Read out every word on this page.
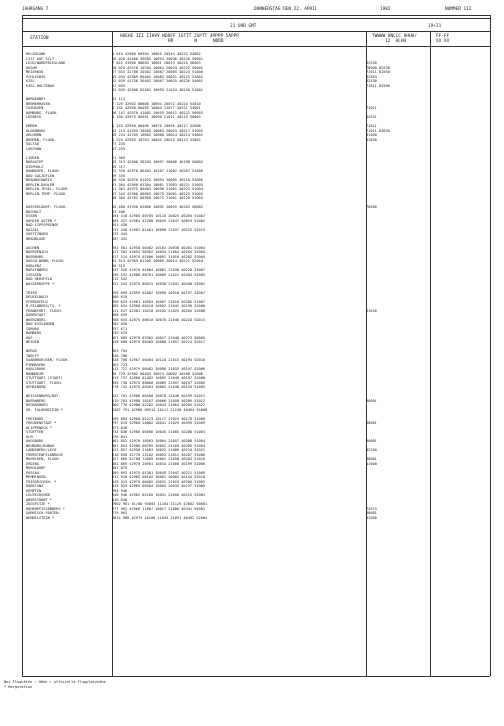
JAHRGANG 7	DONNERSTAG DEN 22. APRIL	1982	NUMMER 112
21 UHR GMT	19+21
STATION	HOEHE III IIHVV NDDFF 1STTT 2SPTT 4PPPP 5APPP
RR        N      NDDD
7WWWW 8NCCC HHHH/
12  HLHH
FF-FF
XX XX
HELGOLAND	4 015 42960 00304 10065 20544 40222 54002
LIST AUF SYLT	26 020 43460 30505 10054 20036 40220 56001
LECK/NORDFRIESLAND	7 022 41960 00603 10061 20014 40224 56003	82530
HUSUM	28 025 42970 10704 10064 20034 40222 56002	70500 82530
MEIERWIK	27 033 42760 20402 10087 20065 40224 51000	71011 81550
SCHLESWIG	43 034 42969 60402 10083 20031 40221 51002	82503
KIEL	12 039 41750 30402 10067 20025 40226 54002	82530
KIEL-HOLTENAU	17 045	71011 83500
31 045 42960 81502 10093 21034 40228 51001
NORDERNEY	11 113
BREMERHAVEN	7 129 42962 00606 10094 20072 40224 53010
CUXHAVEN	4 131 42950 00405 10084 21077 40221 53001	71011
HAMBURG, FLUGH.	16 147 42970 41002 10093 20011 40222 56003
LUEBECK	8 156 42975 00401 10090 21011 40219 50003	84531
EMDEN	6 253 42950 00406 10070 20056 40217 52008	71011
OLDENBURG	12 215 41955 30505 10083 20053 40217 51002	71011 83830
AHLHORN	49 224 42765 10603 10060 20014 40214 54001	81500
BREMEN, FLUGH.	3 224 42963 10703 10092 20015 40215 53002	81830
SOLTAU	77 235
LUECHOW	17 253
LINGEN	21 305
NORVATEP	43 313 42960 30203 10097 20006 40198 50002
DIEPHOLZ	45 317
HANNOVER, FLUGH.	72 320 42970 80403 10107 21002 40207 51006
BAD SALZUFLEN	99 335
BRAUNSCHWEIG	56 338 42970 01025 10094 20005 40218 52006
BERLIN-DAHLEM	81 364 42960 01304 10081 21003 40221 51005
BERLIN-TEGEL, FLUGH.	51 361 42975 00403 10090 21001 40223 51004
BERLIN-TEMP.-FLUGH.	37 342 42960 00605 10079 20001 40225 52005
50 384 42762 00908 10071 21001 40226 51003
DUESSELDORF, FLUGH.	45 400 41956 03006 10092 20025 40203 56002	70500
BOCHOLT	21 406
ESSEN	154 410 42965 00705 10116 20025 40204 51007
KAHLER ASTEN *	465 427 42964 01208 10045 21047 40019 51002
BAD LIPPSPRINGE	151 430
KASSEL	231 438 42981 01401 10090 21037 40215 52013
GOETTINGEN	175 444
BRAUNLAGE	607 452
AACHEN	202 501 42950 00402 10101 20038 40201 51004
NOERVENICH	117 502 43054 00302 10094 21004 40204 52003
NUERBURG	627 514 42970 01006 10091 21016 40202 52005
KOELN-BONN, FLUGH.	91 513 42969 01205 10069 20014 40221 52004
KOBLENZ	96 515
MARIENBERG	547 526 42970 01004 10061 21030 40220 53007
GIESSEN	196 532 42966 00701 10089 21021 40204 52005
BAD HERSFELD	212 542
WASSERKUPPE *	921 544 42975 00915 10030 21041 40490 52002
TRIER	265 609 42959 01002 10090 20910 40197 53007
DEUSELBACH	480 615
PFERDSFELD	396 625 42961 10503 10067 21016 40205 51007
M.FELDBERG/TS. *	805 634 42960 00410 10052 21041 40190 52006
FRANKFURT, FLUGH.	111 637 42301 10410 10102 21025 40204 52008	81030
DARMSTADT	108 639
WUERZBURG	268 655 42975 00610 10078 21046 40218 52013
BAD KISSINGEN	282 658
COBURG	337 671
BAMBERG	239 675
HOF	567 685 42970 03302 10017 21046 40223 50005
WEIDEN	438 688 42975 00405 10060 21057 40214 52017
BERUS	363 704
TWOLFY	346 706
SAARBRUECKEN, FLUGH.	328 708 42967 00404 10110 21015 40194 52010
PIRMASENS	163 723
KARLSRUHE	112 727 42975 00402 10090 21033 40197 52006
MANNHEIM	96 729 42982 00403 10074 20002 40200 52006
STUTTGART (STADT)	315 737 42960 01402 10092 21040 40197 52008
STUTTGART, FLUGH.	396 738 42975 00000 10069 21057 40197 52005
OEHRINGEN	276 742 42975 00403 10065 21048 40194 51005
WEISSENBURG/BAY.	422 761 42980 00400 10078 21046 40199 51011
NUERNBERG	319 763 42980 10107 10066 21058 40209 51012	80001
REGENSBURG	366 776 42980 02202 10043 21064 40205 51022
GR. FALKENSTEIN *	1307 791 42980 09512 10117 21130 40464 54008
FREIBURG	269 803 42960 01213 10117 21024 40178 51008
FREUDENSTADT *	797 815 42960 10002 10041 21029 46499 51009	80081
KLIPPENECK *	973 818
STOETTEN	734 836 42980 00506 10045 21085 40208 51003
ULM	570 841
AUGSBURG	462 852 42970 10503 10064 21057 40208 51004	80081
NEUBURG/DONAU	381 853 42980 00705 10052 21166 40205 51004
LANDSBERG/LECH	623 857 42950 21603 10032 21086 40210 51021	82330
FUERSTENFELDBRUCK	518 858 42770 12102 10053 21012 40207 51006
MUENCHEN, FLUGH.	527 866 42780 12005 10061 21050 40204 51010	80081
ERDING	462 869 42970 20501 10034 21060 40199 52006	81500
MUEHLDORF	401 875
PASSAU	409 893 42975 01301 10049 21047 40221 51009
MEMMINGEN	613 910 42965 00102 10061 20002 40144 52010
FRIEDRICHSH. *	149 913 42975 00402 10031 21015 40206 51003
KONSTANZ	443 929 42965 00504 10064 20033 40197 51009
KEMPTEN	705 946
LEUTKIRCHEN	840 948 42962 02105 10031 21050 40215 52004
OBERSTDORF *	810 948
ZUGSPITZE *	2962 961 41/00 93603 11104 21129 47002 50001
HOHENPEISSENBERG *	977 962 42960 11607 10017 21006 46441 55001	74574
GARMISCH-PARTEN.	719 963	80081
WENDELSTEIN *	1832 980 42975 10106 11045 21091 40492 52004	81500
Bei Flughäfen : Höhe = offizielle Flugplatzhöhe
* Bergstation
